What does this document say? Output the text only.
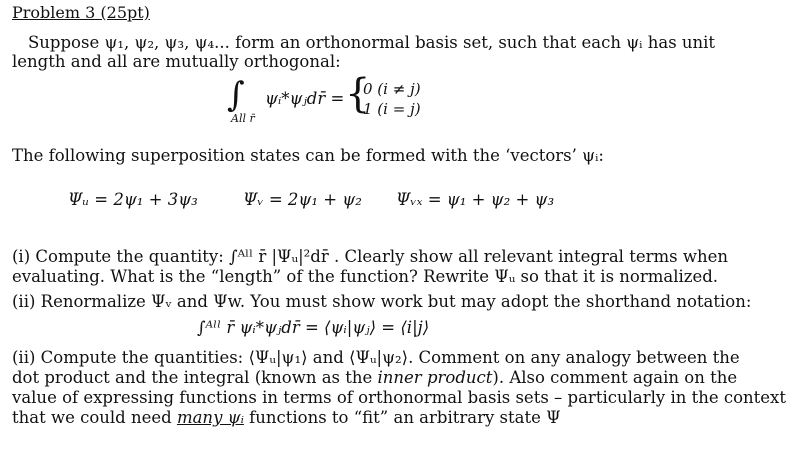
Problem 3 (25pt)
Suppose ψ₁, ψ₂, ψ₃, ψ₄... form an orthonormal basis set, such that each ψᵢ has unit
length and all are mutually orthogonal:
∫
All r̄
ψᵢ*ψⱼdr̄ = {
0 (i ≠ j)
1 (i = j)
The following superposition states can be formed with the ‘vectors’ ψᵢ:
Ψᵤ = 2ψ₁ + 3ψ₃	Ψᵥ = 2ψ₁ + ψ₂ Ψᵥₓ = ψ₁ + ψ₂ + ψ₃
(i) Compute the quantity: ∫ᴬˡˡ r̄ |Ψᵤ|²dr̄ . Clearly show all relevant integral terms when
evaluating. What is the “length” of the function? Rewrite Ψᵤ so that it is normalized.
(ii) Renormalize Ψᵥ and Ψw. You must show work but may adopt the shorthand notation:
∫ᴬˡˡ r̄ ψᵢ*ψⱼdr̄ = ⟨ψᵢ|ψⱼ⟩ = ⟨i|j⟩
(ii) Compute the quantities: ⟨Ψᵤ|ψ₁⟩ and ⟨Ψᵤ|ψ₂⟩. Comment on any analogy between the
dot product and the integral (known as the inner product). Also comment again on the
value of expressing functions in terms of orthonormal basis sets – particularly in the context
that we could need many ψᵢ functions to “fit” an arbitrary state Ψ
